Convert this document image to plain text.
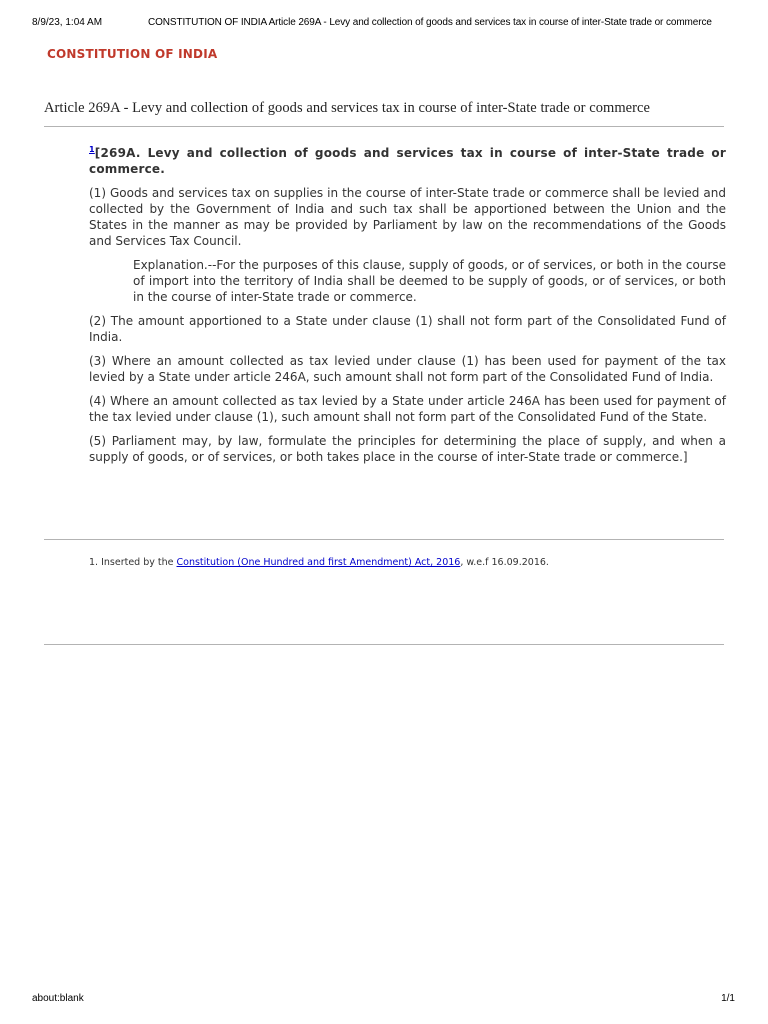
8/9/23, 1:04 AM	CONSTITUTION OF INDIA Article 269A - Levy and collection of goods and services tax in course of inter-State trade or commerce
CONSTITUTION OF INDIA
Article 269A - Levy and collection of goods and services tax in course of inter-State trade or commerce

$^1$[269A. Levy and collection of goods and services tax in course of inter-State trade or commerce.

(1) Goods and services tax on supplies in the course of inter-State trade or commerce shall be levied and collected by the Government of India and such tax shall be apportioned between the Union and the States in the manner as may be provided by Parliament by law on the recommendations of the Goods and Services Tax Council.

Explanation.--For the purposes of this clause, supply of goods, or of services, or both in the course of import into the territory of India shall be deemed to be supply of goods, or of services, or both in the course of inter-State trade or commerce.

(2) The amount apportioned to a State under clause (1) shall not form part of the Consolidated Fund of India.

(3) Where an amount collected as tax levied under clause (1) has been used for payment of the tax levied by a State under article 246A, such amount shall not form part of the Consolidated Fund of India.

(4) Where an amount collected as tax levied by a State under article 246A has been used for payment of the tax levied under clause (1), such amount shall not form part of the Consolidated Fund of the State.

(5) Parliament may, by law, formulate the principles for determining the place of supply, and when a supply of goods, or of services, or both takes place in the course of inter-State trade or commerce.]

1. Inserted by the Constitution (One Hundred and first Amendment) Act, 2016, w.e.f 16.09.2016.
about:blank	1/1
